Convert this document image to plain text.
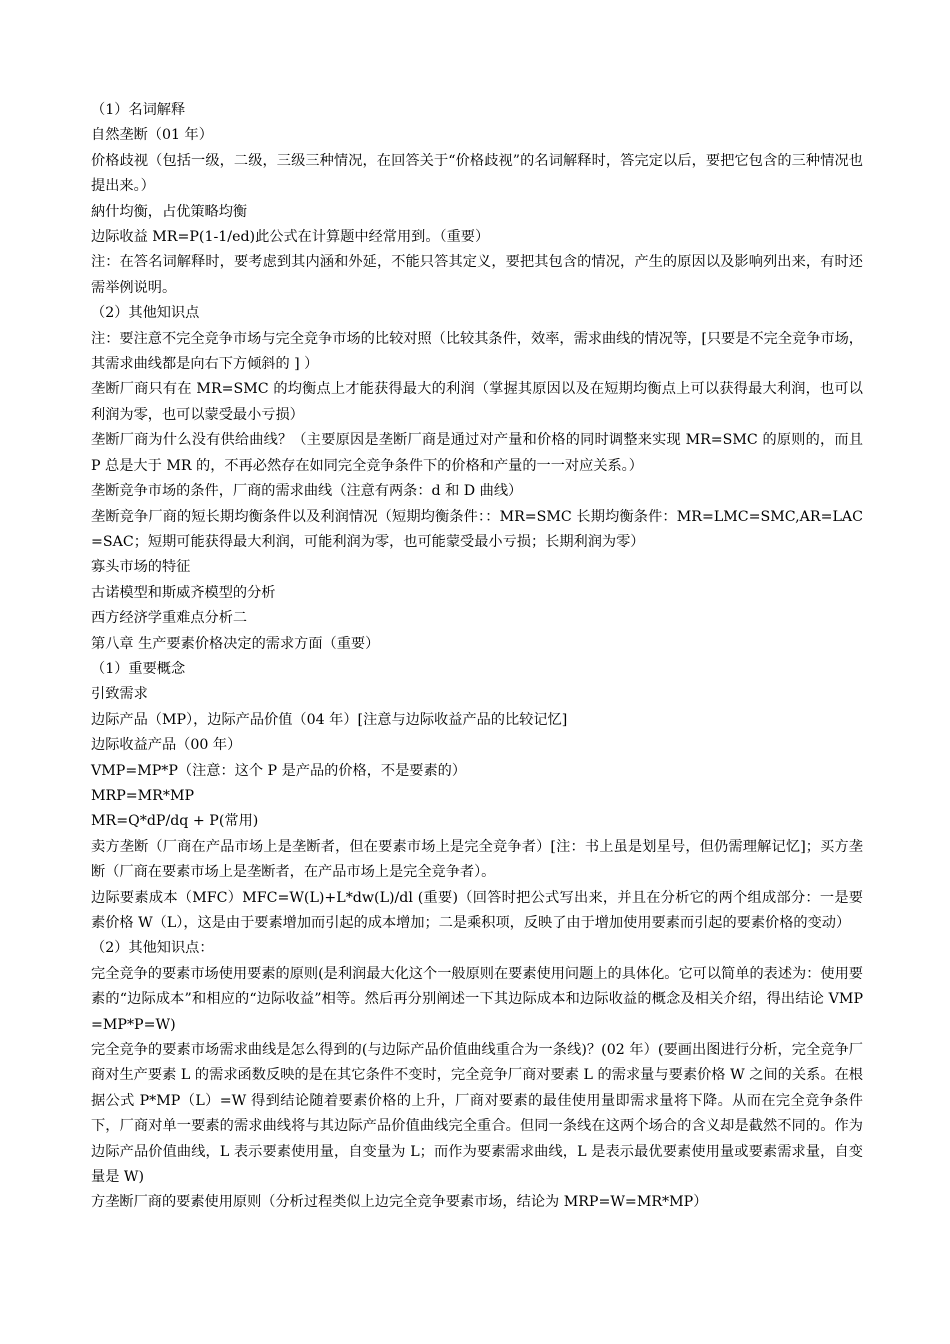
（1）名词解释

自然垄断（01 年）

价格歧视（包括一级，二级，三级三种情况，在回答关于“价格歧视”的名词解释时，答完定以后，要把它包含的三种情况也提出来。）

納什均衡，占优策略均衡

边际收益 MR=P(1-1/ed)此公式在计算题中经常用到。（重要）

注：在答名词解释时，要考虑到其内涵和外延，不能只答其定义，要把其包含的情况，产生的原因以及影响列出来，有时还需举例说明。

（2）其他知识点

注：要注意不完全竞争市场与完全竞争市场的比较对照（比较其条件，效率，需求曲线的情况等，[只要是不完全竞争市场，其需求曲线都是向右下方倾斜的 ] ）

垄断厂商只有在 MR=SMC 的均衡点上才能获得最大的利润（掌握其原因以及在短期均衡点上可以获得最大利润，也可以利润为零，也可以蒙受最小亏损）

垄断厂商为什么没有供给曲线？（主要原因是垄断厂商是通过对产量和价格的同时调整来实现 MR=SMC 的原则的，而且 P 总是大于 MR 的，不再必然存在如同完全竞争条件下的价格和产量的一一对应关系。）

垄断竞争市场的条件，厂商的需求曲线（注意有两条：d 和 D 曲线）

垄断竞争厂商的短长期均衡条件以及利润情况（短期均衡条件：：MR=SMC 长期均衡条件：MR=LMC=SMC,AR=LAC=SAC；短期可能获得最大利润，可能利润为零，也可能蒙受最小亏损；长期利润为零）

寡头市场的特征

古诺模型和斯威齐模型的分析

西方经济学重难点分析二

第八章 生产要素价格决定的需求方面（重要）

（1）重要概念

引致需求

边际产品（MP），边际产品价值（04 年）[注意与边际收益产品的比较记忆]

边际收益产品（00 年）

VMP=MP*P（注意：这个 P 是产品的价格，不是要素的）

MRP=MR*MP

MR=Q*dP/dq + P(常用)

卖方垄断（厂商在产品市场上是垄断者，但在要素市场上是完全竞争者）[注：书上虽是划星号，但仍需理解记忆]；买方垄断（厂商在要素市场上是垄断者，在产品市场上是完全竞争者）。

边际要素成本（MFC）MFC=W(L)+L*dw(L)/dl (重要)（回答时把公式写出来，并且在分析它的两个组成部分：一是要素价格 W（L），这是由于要素增加而引起的成本增加；二是乘积项，反映了由于增加使用要素而引起的要素价格的变动）

（2）其他知识点：

完全竞争的要素市场使用要素的原则(是利润最大化这个一般原则在要素使用问题上的具体化。它可以简单的表述为：使用要素的“边际成本”和相应的“边际收益”相等。然后再分别阐述一下其边际成本和边际收益的概念及相关介绍，得出结论 VMP=MP*P=W)

完全竞争的要素市场需求曲线是怎么得到的(与边际产品价值曲线重合为一条线)？(02 年）(要画出图进行分析，完全竞争厂商对生产要素 L 的需求函数反映的是在其它条件不变时，完全竞争厂商对要素 L 的需求量与要素价格 W 之间的关系。在根据公式 P*MP（L）=W 得到结论随着要素价格的上升，厂商对要素的最佳使用量即需求量将下降。从而在完全竞争条件下，厂商对单一要素的需求曲线将与其边际产品价值曲线完全重合。但同一条线在这两个场合的含义却是截然不同的。作为边际产品价值曲线，L 表示要素使用量，自变量为 L；而作为要素需求曲线，L 是表示最优要素使用量或要素需求量，自变量是 W)

方垄断厂商的要素使用原则（分析过程类似上边完全竞争要素市场，结论为 MRP=W=MR*MP）
